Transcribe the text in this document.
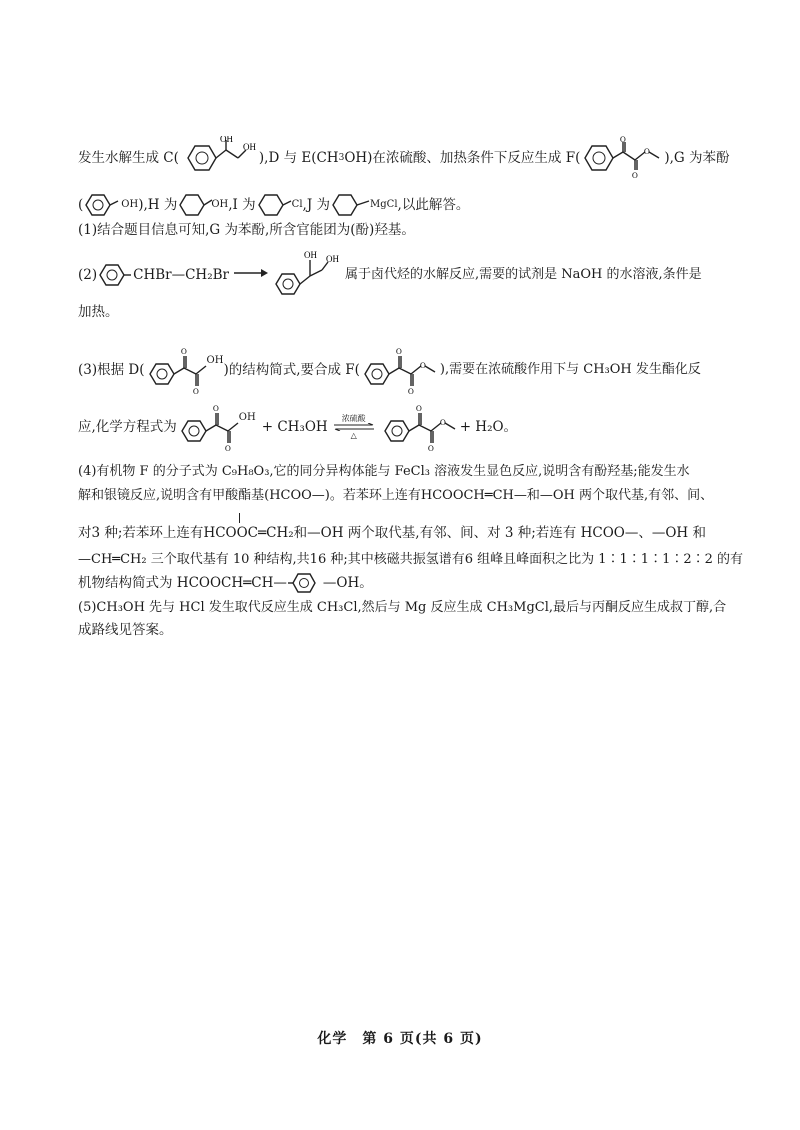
发生水解生成 C(
OH
OH
),D 与 E(CH 3 OH)在浓硫酸、加热条件下反应生成 F(
O
O
O ),G 为苯酚
(	OH ),H 为	OH ,I 为	Cl ,J 为	MgCl ,以此解答。
(1)结合题目信息可知,G 为苯酚,所含官能团为(酚)羟基。
(2)	CHBr—CH₂Br →
OH OH
属于卤代烃的水解反应,需要的试剂是 NaOH 的水溶液,条件是
加热。
(3)根据 D(
O
O
OH
)的结构简式,要合成 F(
O
O
O ),需要在浓硫酸作用下与 CH₃OH 发生酯化反
应,化学方程式为
O
O
OH
+ CH₃OH
浓硫酸
△
O
O
O + H₂O。
(4)有机物 F 的分子式为 C₉H₈O₃,它的同分异构体能与 FeCl₃ 溶液发生显色反应,说明含有酚羟基;能发生水
解和银镜反应,说明含有甲酸酯基(HCOO—)。若苯环上连有HCOOCH═CH—和—OH 两个取代基,有邻、间、
对3 种;若苯环上连有 HCOOC═CH₂ 和—OH 两个取代基,有邻、间、对 3 种;若连有 HCOO—、—OH 和
—CH═CH₂ 三个取代基有 10 种结构,共16 种;其中核磁共振氢谱有6 组峰且峰面积之比为 1∶1∶1∶1∶2∶2 的有
机物结构简式为 HCOOCH═CH—	—OH。
(5)CH₃OH 先与 HCl 发生取代反应生成 CH₃Cl,然后与 Mg 反应生成 CH₃MgCl,最后与丙酮反应生成叔丁醇,合
成路线见答案。
化学　第 6 页(共 6 页)
